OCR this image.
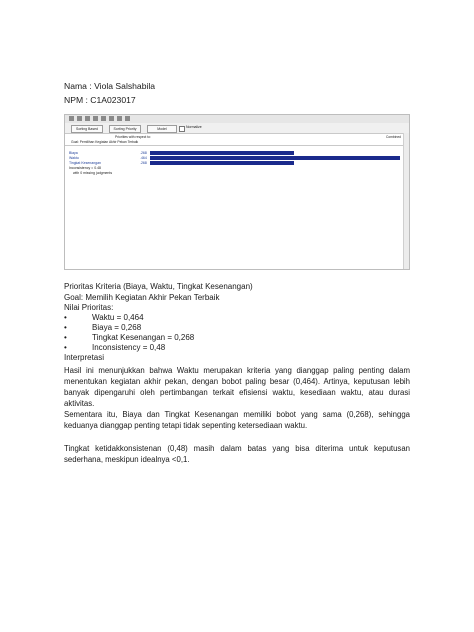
Nama : Viola Salshabila
NPM : C1A023017
Sorting Based	Sorting Priority	Model	Normalize
Priorities with respect to:	Combined
Goal: Pemilihan Kegiatan Akhir Pekan Terbaik
Biaya	.268
Waktu	.464
Tingkat Kesenangan	.268
Inconsistency = 0.48
with 0 missing judgments
Prioritas Kriteria (Biaya, Waktu, Tingkat Kesenangan)
Goal: Memilih Kegiatan Akhir Pekan Terbaik
Nilai Prioritas:
•	Waktu = 0,464
•	Biaya = 0,268
•	Tingkat Kesenangan = 0,268
•	Inconsistency = 0,48
Interpretasi
Hasil ini menunjukkan bahwa Waktu merupakan kriteria yang dianggap paling penting dalam menentukan kegiatan akhir pekan, dengan bobot paling besar (0,464). Artinya, keputusan lebih banyak dipengaruhi oleh pertimbangan terkait efisiensi waktu, kesediaan waktu, atau durasi aktivitas.
Sementara itu, Biaya dan Tingkat Kesenangan memiliki bobot yang sama (0,268), sehingga keduanya dianggap penting tetapi tidak sepenting ketersediaan waktu.
Tingkat ketidakkonsistenan (0,48) masih dalam batas yang bisa diterima untuk keputusan sederhana, meskipun idealnya <0,1.
